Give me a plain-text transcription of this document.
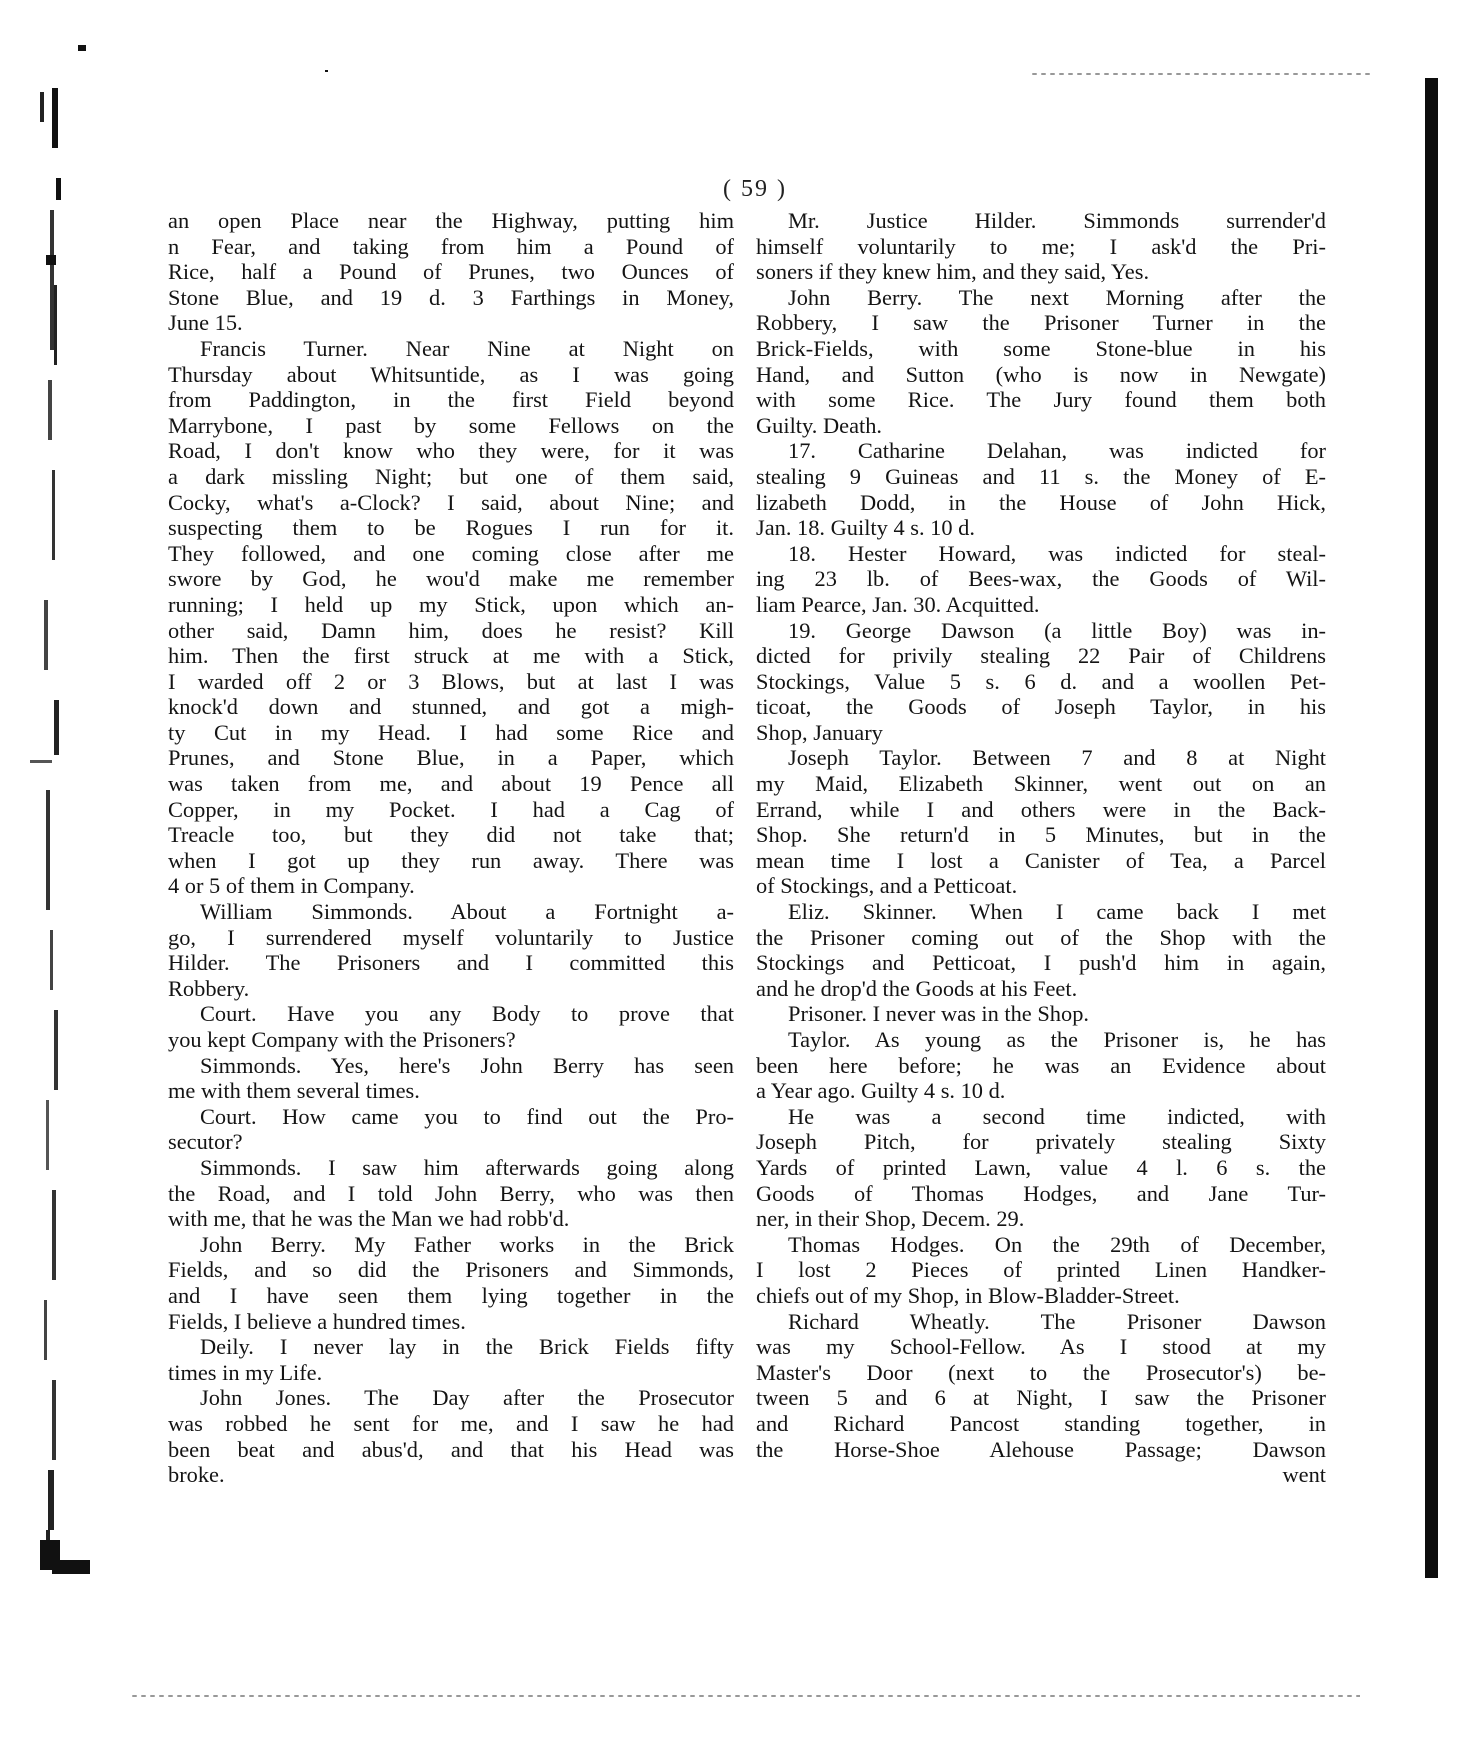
( 59 )
an open Place near the Highway, putting him
n Fear, and taking from him a Pound of
Rice, half a Pound of Prunes, two Ounces of
Stone Blue, and 19 d. 3 Farthings in Money,
June 15.
Francis Turner. Near Nine at Night on
Thursday about Whitsuntide, as I was going
from Paddington, in the first Field beyond
Marrybone, I past by some Fellows on the
Road, I don't know who they were, for it was
a dark missling Night; but one of them said,
Cocky, what's a-Clock? I said, about Nine; and
suspecting them to be Rogues I run for it.
They followed, and one coming close after me
swore by God, he wou'd make me remember
running; I held up my Stick, upon which an-
other said, Damn him, does he resist? Kill
him. Then the first struck at me with a Stick,
I warded off 2 or 3 Blows, but at last I was
knock'd down and stunned, and got a migh-
ty Cut in my Head. I had some Rice and
Prunes, and Stone Blue, in a Paper, which
was taken from me, and about 19 Pence all
Copper, in my Pocket. I had a Cag of
Treacle too, but they did not take that;
when I got up they run away. There was
4 or 5 of them in Company.
William Simmonds. About a Fortnight a-
go, I surrendered myself voluntarily to Justice
Hilder. The Prisoners and I committed this
Robbery.
Court. Have you any Body to prove that
you kept Company with the Prisoners?
Simmonds. Yes, here's John Berry has seen
me with them several times.
Court. How came you to find out the Pro-
secutor?
Simmonds. I saw him afterwards going along
the Road, and I told John Berry, who was then
with me, that he was the Man we had robb'd.
John Berry. My Father works in the Brick
Fields, and so did the Prisoners and Simmonds,
and I have seen them lying together in the
Fields, I believe a hundred times.
Deily. I never lay in the Brick Fields fifty
times in my Life.
John Jones. The Day after the Prosecutor
was robbed he sent for me, and I saw he had
been beat and abus'd, and that his Head was
broke.
Mr. Justice Hilder. Simmonds surrender'd
himself voluntarily to me; I ask'd the Pri-
soners if they knew him, and they said, Yes.
John Berry. The next Morning after the
Robbery, I saw the Prisoner Turner in the
Brick-Fields, with some Stone-blue in his
Hand, and Sutton (who is now in Newgate)
with some Rice. The Jury found them both
Guilty. Death.
17. Catharine Delahan, was indicted for
stealing 9 Guineas and 11 s. the Money of E-
lizabeth Dodd, in the House of John Hick,
Jan. 18. Guilty 4 s. 10 d.
18. Hester Howard, was indicted for steal-
ing 23 lb. of Bees-wax, the Goods of Wil-
liam Pearce, Jan. 30. Acquitted.
19. George Dawson (a little Boy) was in-
dicted for privily stealing 22 Pair of Childrens
Stockings, Value 5 s. 6 d. and a woollen Pet-
ticoat, the Goods of Joseph Taylor, in his
Shop, January
Joseph Taylor. Between 7 and 8 at Night
my Maid, Elizabeth Skinner, went out on an
Errand, while I and others were in the Back-
Shop. She return'd in 5 Minutes, but in the
mean time I lost a Canister of Tea, a Parcel
of Stockings, and a Petticoat.
Eliz. Skinner. When I came back I met
the Prisoner coming out of the Shop with the
Stockings and Petticoat, I push'd him in again,
and he drop'd the Goods at his Feet.
Prisoner. I never was in the Shop.
Taylor. As young as the Prisoner is, he has
been here before; he was an Evidence about
a Year ago. Guilty 4 s. 10 d.
He was a second time indicted, with
Joseph Pitch, for privately stealing Sixty
Yards of printed Lawn, value 4 l. 6 s. the
Goods of Thomas Hodges, and Jane Tur-
ner, in their Shop, Decem. 29.
Thomas Hodges. On the 29th of December,
I lost 2 Pieces of printed Linen Handker-
chiefs out of my Shop, in Blow-Bladder-Street.
Richard Wheatly. The Prisoner Dawson
was my School-Fellow. As I stood at my
Master's Door (next to the Prosecutor's) be-
tween 5 and 6 at Night, I saw the Prisoner
and Richard Pancost standing together, in
the Horse-Shoe Alehouse Passage; Dawson
went
